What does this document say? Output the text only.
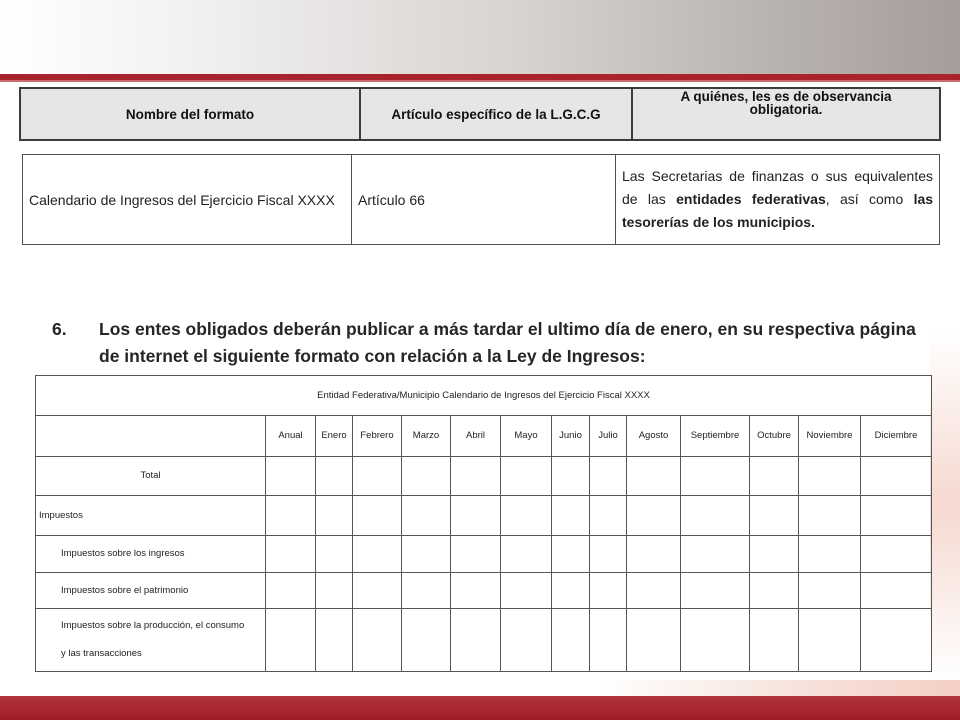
Nombre del formato	Artículo específico de la L.G.C.G	
A quiénes, les es de observancia
obligatoria.
Calendario de Ingresos del Ejercicio Fiscal XXXX	Artículo 66	Las Secretarias de finanzas o sus equivalentes de las entidades federativas, así como las tesorerías de los municipios.
6. Los entes obligados deberán publicar a más tardar el ultimo día de enero, en su respectiva página de internet el siguiente formato con relación a la Ley de Ingresos:
Entidad Federativa/Municipio Calendario de Ingresos del Ejercicio Fiscal XXXX													
	Anual	Enero	Febrero	Marzo	Abril	Mayo	Junio	Julio	Agosto	Septiembre	Octubre	Noviembre	Diciembre
Total													
Impuestos													
Impuestos sobre los ingresos													
Impuestos sobre el patrimonio													

Impuestos sobre la producción, el consumo
y las transacciones													
